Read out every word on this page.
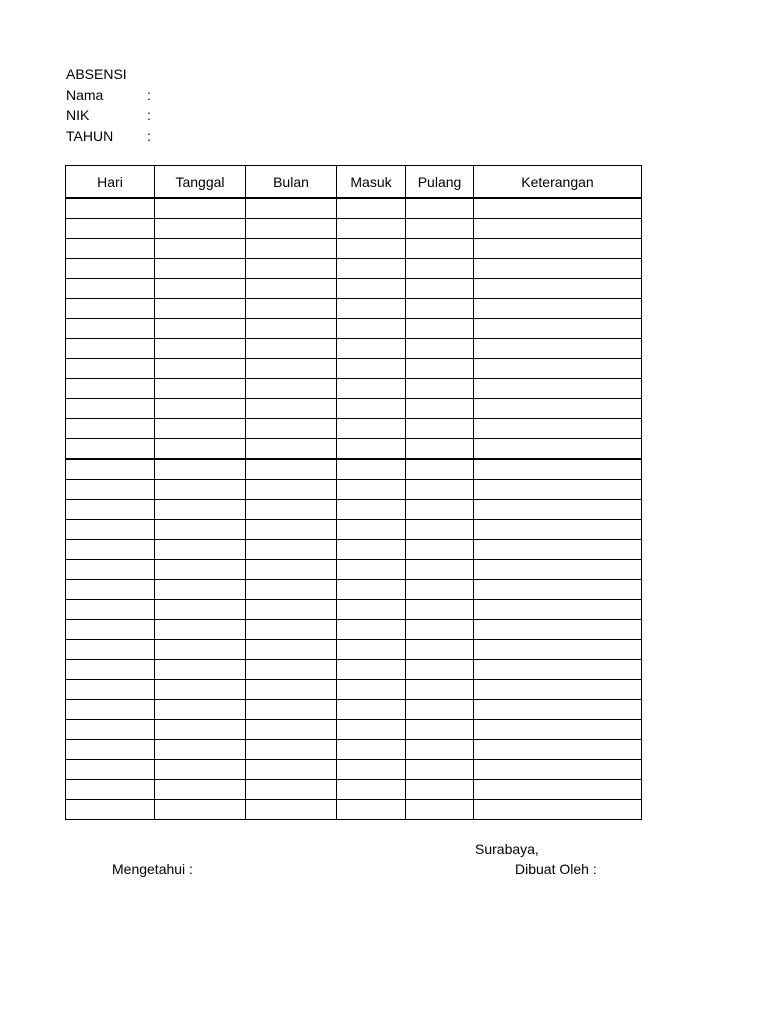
ABSENSI
Nama	:
NIK	:
TAHUN :
Hari	Tanggal	Bulan	Masuk	Pulang	Keterangan

Surabaya,
Mengetahui :	Dibuat Oleh :
